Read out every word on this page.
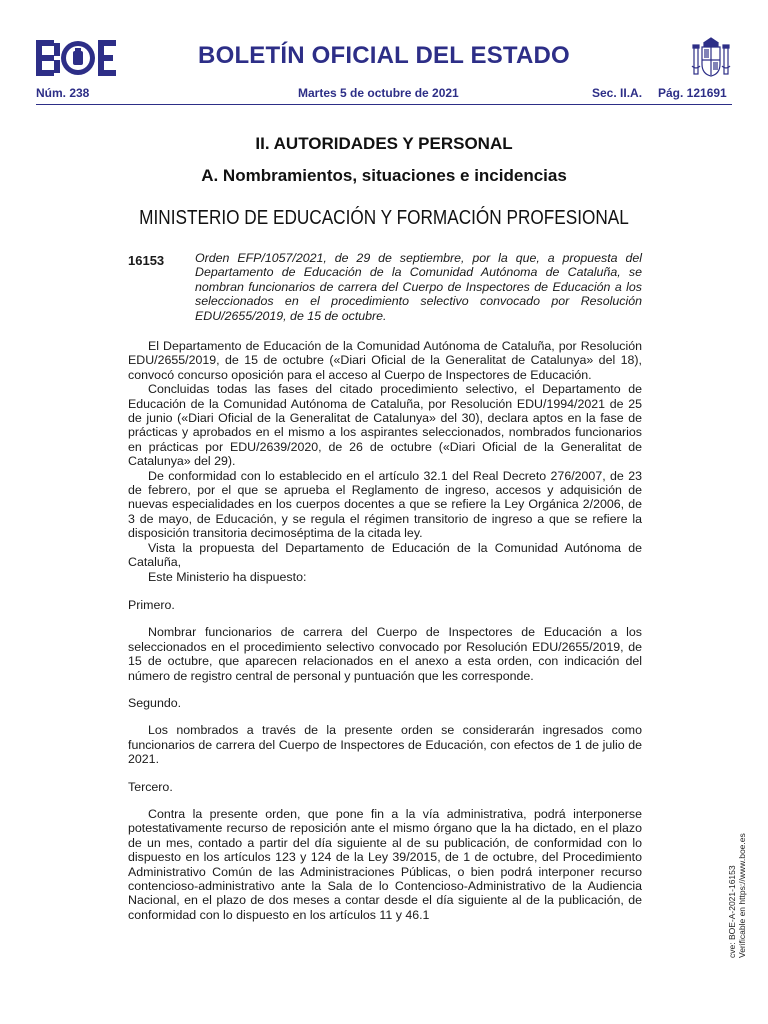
BOLETÍN OFICIAL DEL ESTADO
Núm. 238	Martes 5 de octubre de 2021	Sec. II.A. Pág. 121691
II. AUTORIDADES Y PERSONAL
A. Nombramientos, situaciones e incidencias
MINISTERIO DE EDUCACIÓN Y FORMACIÓN PROFESIONAL
16153 Orden EFP/1057/2021, de 29 de septiembre, por la que, a propuesta del Departamento de Educación de la Comunidad Autónoma de Cataluña, se nombran funcionarios de carrera del Cuerpo de Inspectores de Educación a los seleccionados en el procedimiento selectivo convocado por Resolución EDU/2655/2019, de 15 de octubre.

El Departamento de Educación de la Comunidad Autónoma de Cataluña, por Resolución EDU/2655/2019, de 15 de octubre («Diari Oficial de la Generalitat de Catalunya» del 18), convocó concurso oposición para el acceso al Cuerpo de Inspectores de Educación.

Concluidas todas las fases del citado procedimiento selectivo, el Departamento de Educación de la Comunidad Autónoma de Cataluña, por Resolución EDU/1994/2021 de 25 de junio («Diari Oficial de la Generalitat de Catalunya» del 30), declara aptos en la fase de prácticas y aprobados en el mismo a los aspirantes seleccionados, nombrados funcionarios en prácticas por EDU/2639/2020, de 26 de octubre («Diari Oficial de la Generalitat de Catalunya» del 29).

De conformidad con lo establecido en el artículo 32.1 del Real Decreto 276/2007, de 23 de febrero, por el que se aprueba el Reglamento de ingreso, accesos y adquisición de nuevas especialidades en los cuerpos docentes a que se refiere la Ley Orgánica 2/2006, de 3 de mayo, de Educación, y se regula el régimen transitorio de ingreso a que se refiere la disposición transitoria decimoséptima de la citada ley.

Vista la propuesta del Departamento de Educación de la Comunidad Autónoma de Cataluña,

Este Ministerio ha dispuesto:

Primero.

Nombrar funcionarios de carrera del Cuerpo de Inspectores de Educación a los seleccionados en el procedimiento selectivo convocado por Resolución EDU/2655/2019, de 15 de octubre, que aparecen relacionados en el anexo a esta orden, con indicación del número de registro central de personal y puntuación que les corresponde.

Segundo.

Los nombrados a través de la presente orden se considerarán ingresados como funcionarios de carrera del Cuerpo de Inspectores de Educación, con efectos de 1 de julio de 2021.

Tercero.

Contra la presente orden, que pone fin a la vía administrativa, podrá interponerse potestativamente recurso de reposición ante el mismo órgano que la ha dictado, en el plazo de un mes, contado a partir del día siguiente al de su publicación, de conformidad con lo dispuesto en los artículos 123 y 124 de la Ley 39/2015, de 1 de octubre, del Procedimiento Administrativo Común de las Administraciones Públicas, o bien podrá interponer recurso contencioso-administrativo ante la Sala de lo Contencioso-Administrativo de la Audiencia Nacional, en el plazo de dos meses a contar desde el día siguiente al de la publicación, de conformidad con lo dispuesto en los artículos 11 y 46.1	cve: BOE-A-2021-16153 Verificable en https://www.boe.es
